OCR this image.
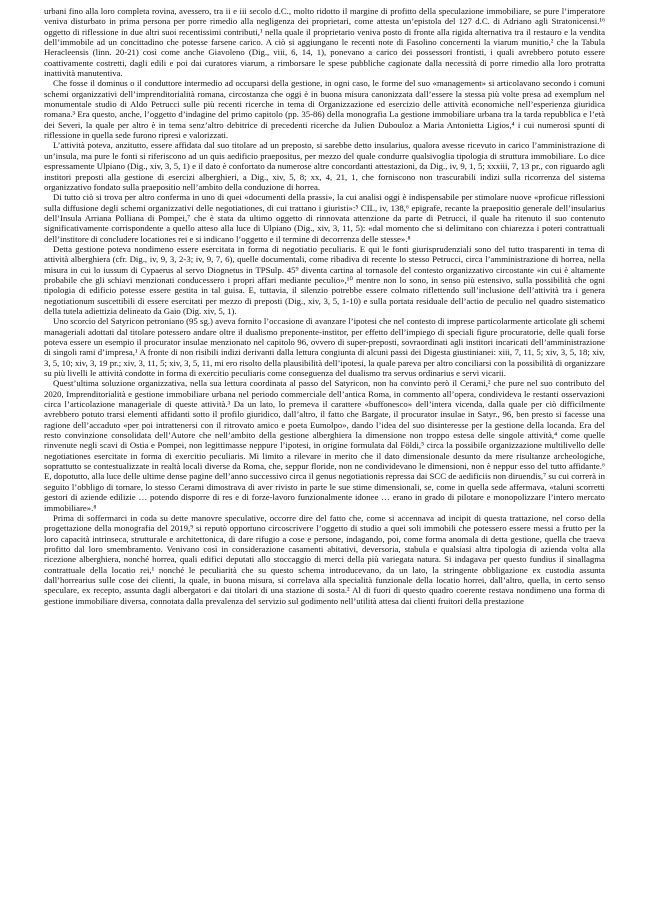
urbani fino alla loro completa rovina, avessero, tra ii e iii secolo d.C., molto ridotto il margine di profitto della speculazione immobiliare, se pure l’imperatore veniva disturbato in prima persona per porre rimedio alla negligenza dei proprietari, come attesta un’epistola del 127 d.C. di Adriano agli Stratonicensi.¹⁶ oggetto di riflessione in due altri suoi recentissimi contributi,¹ nella quale il proprietario veniva posto di fronte alla rigida alternativa tra il restauro e la vendita dell’immobile ad un concittadino che potesse farsene carico. A ciò si aggiungano le recenti note di Fasolino concernenti la viarum munitio,² che la Tabula Heracleensis (linn. 20-21) così come anche Giavoleno (Dig., viii, 6, 14, 1), ponevano a carico dei possessori frontisti, i quali avrebbero potuto essere coattivamente costretti, dagli edili e poi dai curatores viarum, a rimborsare le spese pubbliche cagionate dalla necessità di porre rimedio alla loro protratta inattività manutentiva.

Che fosse il dominus o il conduttore intermedio ad occuparsi della gestione, in ogni caso, le forme del suo «management» si articolavano secondo i comuni schemi organizzativi dell’imprenditorialità romana, circostanza che oggi è in buona misura canonizzata dall’essere la stessa più volte presa ad exemplum nel monumentale studio di Aldo Petrucci sulle più recenti ricerche in tema di Organizzazione ed esercizio delle attività economiche nell’esperienza giuridica romana.³ Era questo, anche, l’oggetto d’indagine del primo capitolo (pp. 35-86) della monografia La gestione immobiliare urbana tra la tarda repubblica e l’età dei Severi, la quale per altro è in tema senz’altro debitrice di precedenti ricerche da Julien Dubouloz a Maria Antonietta Ligios,⁴ i cui numerosi spunti di riflessione in quella sede furono ripresi e valorizzati.

L’attività poteva, anzitutto, essere affidata dal suo titolare ad un preposto, si sarebbe detto insularius, qualora avesse ricevuto in carico l’amministrazione di un’insula, ma pure le fonti si riferiscono ad un quis aedificio praepositus, per mezzo del quale condurre qualsivoglia tipologia di struttura immobiliare. Lo dice espressamente Ulpiano (Dig., xiv, 3, 5, 1) e il dato è confortato da numerose altre concordanti attestazioni, da Dig., iv, 9, 1, 5; xxxiii, 7, 13 pr., con riguardo agli institori preposti alla gestione di esercizi alberghieri, a Dig., xiv, 5, 8; xx, 4, 21, 1, che forniscono non trascurabili indizi sulla ricorrenza del sistema organizzativo fondato sulla praepositio nell’ambito della conduzione di horrea.

Di tutto ciò si trova per altro conferma in uno di quei «documenti della prassi», la cui analisi oggi è indispensabile per stimolare nuove «proficue riflessioni sulla diffusione degli schemi organizzativi delle negotiationes, di cui trattano i giuristi»:⁵ CIL, iv, 138,⁶ epigrafe, recante la praepositio generale dell’insularius dell’Insula Arriana Polliana di Pompei,⁷ che è stata da ultimo oggetto di rinnovata attenzione da parte di Petrucci, il quale ha ritenuto il suo contenuto significativamente corrispondente a quello atteso alla luce di Ulpiano (Dig., xiv, 3, 11, 5): «dal momento che si delimitano con chiarezza i poteri contrattuali dell’institore di concludere locationes rei e si indicano l’oggetto e il termine di decorrenza delle stesse».⁸

Detta gestione poteva nondimeno essere esercitata in forma di negotiatio peculiaris. E qui le fonti giurisprudenziali sono del tutto trasparenti in tema di attività alberghiera (cfr. Dig., iv, 9, 3, 2-3; iv, 9, 7, 6), quelle documentali, come ribadiva di recente lo stesso Petrucci, circa l’amministrazione di horrea, nella misura in cui lo iussum di Cypaerus al servo Diognetus in TPSulp. 45⁹ diventa cartina al tornasole del contesto organizzativo circostante «in cui è altamente probabile che gli schiavi menzionati conducessero i propri affari mediante peculio»,¹⁰ mentre non lo sono, in senso più estensivo, sulla possibilità che ogni tipologia di edificio potesse essere gestita in tal guisa. E, tuttavia, il silenzio potrebbe essere colmato riflettendo sull’inclusione dell’attività tra i genera negotiationum suscettibili di essere esercitati per mezzo di preposti (Dig., xiv, 3, 5, 1-10) e sulla portata residuale dell’actio de peculio nel quadro sistematico della tutela adiettizia delineato da Gaio (Dig. xiv, 5, 1).

Uno scorcio del Satyricon petroniano (95 sg.) aveva fornito l’occasione di avanzare l’ipotesi che nel contesto di imprese particolarmente articolate gli schemi manageriali adottati dal titolare potessero andare oltre il dualismo preponente-institor, per effetto dell’impiego di speciali figure procuratorie, delle quali forse poteva essere un esempio il procurator insulae menzionato nel capitolo 96, ovvero di super-preposti, sovraordinati agli institori incaricati dell’amministrazione di singoli rami d’impresa,¹ A fronte di non risibili indizi derivanti dalla lettura congiunta di alcuni passi dei Digesta giustinianei: xiii, 7, 11, 5; xiv, 3, 5, 18; xiv, 3, 5, 10; xiv, 3, 19 pr.; xiv, 3, 11, 5; xiv, 3, 5, 11, mi ero risolto della plausibilità dell’ipotesi, la quale pareva per altro conciliarsi con la possibilità di organizzare su più livelli le attività condotte in forma di exercitio peculiaris come conseguenza del dualismo tra servus ordinarius e servi vicarii.

Quest’ultima soluzione organizzativa, nella sua lettura coordinata al passo del Satyricon, non ha convinto però il Cerami,² che pure nel suo contributo del 2020, Imprenditorialità e gestione immobiliare urbana nel periodo commerciale dell’antica Roma, in commento all’opera, condivideva le restanti osservazioni circa l’articolazione manageriale di queste attività.³ Da un lato, lo premeva il carattere «buffonesco» dell’intera vicenda, dalla quale per ciò difficilmente avrebbero potuto trarsi elementi affidanti sotto il profilo giuridico, dall’altro, il fatto che Bargate, il procurator insulae in Satyr., 96, ben presto si facesse una ragione dell’accaduto «per poi intrattenersi con il ritrovato amico e poeta Eumolpo», dando l’idea del suo disinteresse per la gestione della locanda. Era del resto convinzione consolidata dell’Autore che nell’ambito della gestione alberghiera la dimensione non troppo estesa delle singole attività,⁴ come quelle rinvenute negli scavi di Ostia e Pompei, non legittimasse neppure l’ipotesi, in origine formulata dal Földi,⁵ circa la possibile organizzazione multilivello delle negotiationes esercitate in forma di exercitio peculiaris. Mi limito a rilevare in merito che il dato dimensionale desunto da mere risultanze archeologiche, soprattutto se contestualizzate in realtà locali diverse da Roma, che, seppur floride, non ne condividevano le dimensioni, non è neppur esso del tutto affidante.⁶ E, dopotutto, alla luce delle ultime dense pagine dell’anno successivo circa il genus negotiationis repressa dai SCC de aedificiis non diruendis,⁷ su cui correrà in seguito l’obbligo di tornare, lo stesso Cerami dimostrava di aver rivisto in parte le sue stime dimensionali, se, come in quella sede affermava, «taluni scorretti gestori di aziende edilizie … potendo disporre di res e di forze-lavoro funzionalmente idonee … erano in grado di pilotare e monopolizzare l’intero mercato immobiliare».⁸

Prima di soffermarci in coda su dette manovre speculative, occorre dire del fatto che, come si accennava ad incipit di questa trattazione, nel corso della progettazione della monografia del 2019,⁹ si reputò opportuno circoscrivere l’oggetto di studio a quei soli immobili che potessero essere messi a frutto per la loro capacità intrinseca, strutturale e architettonica, di dare rifugio a cose e persone, indagando, poi, come forma anomala di detta gestione, quella che traeva profitto dal loro smembramento. Venivano così in considerazione casamenti abitativi, deversoria, stabula e qualsiasi altra tipologia di azienda volta alla ricezione alberghiera, nonché horrea, quali edifici deputati allo stoccaggio di merci della più variegata natura. Si indagava per questo fundius il sinallagma contrattuale della locatio rei,¹ nonché le peculiarità che su questo schema introducevano, da un lato, la stringente obbligazione ex custodia assunta dall’horrearius sulle cose dei clienti, la quale, in buona misura, si correlava alla specialità funzionale della locatio horrei, dall’altro, quella, in certo senso speculare, ex recepto, assunta dagli albergatori e dai titolari di una stazione di sosta.² Al di fuori di questo quadro coerente restava nondimeno una forma di gestione immobiliare diversa, connotata dalla prevalenza del servizio sul godimento nell’utilità attesa dai clienti fruitori della prestazione
